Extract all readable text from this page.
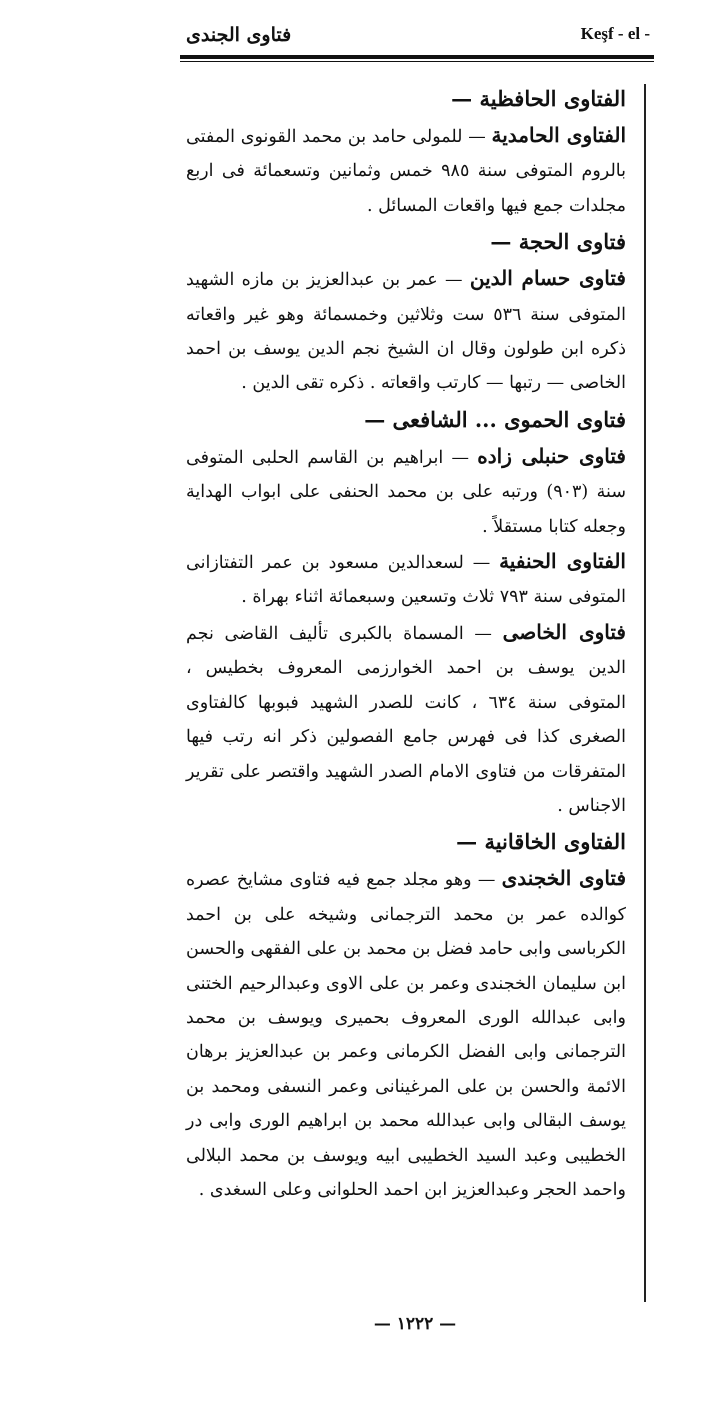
فتاوى الجندى	Keşf - el -

الفتاوى الحافظية —

الفتاوى الحامدية — للمولى حامد بن محمد القونوى المفتى بالروم المتوفى سنة ٩٨٥ خمس وثمانين وتسعمائة فى اربع مجلدات جمع فيها واقعات المسائل .

فتاوى الحجة —

فتاوى حسام الدين — عمر بن عبدالعزيز بن مازه الشهيد المتوفى سنة ٥٣٦ ست وثلاثين وخمسمائة وهو غير واقعاته ذكره ابن طولون وقال ان الشيخ نجم الدين يوسف بن احمد الخاصى — رتبها — كارتب واقعاته . ذكره تقى الدين .

فتاوى الحموى ... الشافعى —

فتاوى حنبلى زاده — ابراهيم بن القاسم الحلبى المتوفى سنة (٩٠٣) ورتبه على بن محمد الحنفى على ابواب الهداية وجعله كتابا مستقلاً .

الفتاوى الحنفية — لسعدالدين مسعود بن عمر التفتازانى المتوفى سنة ٧٩٣ ثلاث وتسعين وسبعمائة اثناء بهراة .

فتاوى الخاصى — المسماة بالكبرى تأليف القاضى نجم الدين يوسف بن احمد الخوارزمى المعروف بخطيس ، المتوفى سنة ٦٣٤ ، كانت للصدر الشهيد فبوبها كالفتاوى الصغرى كذا فى فهرس جامع الفصولين ذكر انه رتب فيها المتفرقات من فتاوى الامام الصدر الشهيد واقتصر على تقرير الاجناس .

الفتاوى الخاقانية —

فتاوى الخجندى — وهو مجلد جمع فيه فتاوى مشايخ عصره كوالده عمر بن محمد الترجمانى وشيخه على بن احمد الكرباسى وابى حامد فضل بن محمد بن على الفقهى والحسن ابن سليمان الخجندى وعمر بن على الاوى وعبدالرحيم الختنى وابى عبدالله الورى المعروف بحميرى ويوسف بن محمد الترجمانى وابى الفضل الكرمانى وعمر بن عبدالعزيز برهان الائمة والحسن بن على المرغينانى وعمر النسفى ومحمد بن يوسف البقالى وابى عبدالله محمد بن ابراهيم الورى وابى در الخطيبى وعبد السيد الخطيبى ابيه ويوسف بن محمد البلالى واحمد الحجر وعبدالعزيز ابن احمد الحلوانى وعلى السغدى .

— ١٢٢٢ —
